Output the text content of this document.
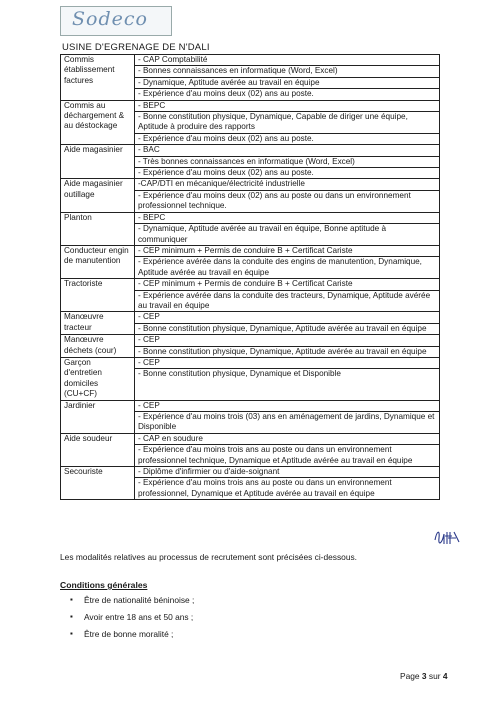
Sodeco
USINE D'EGRENAGE DE N'DALI
Commis établissement factures	- CAP Comptabilité
- Bonnes connaissances en informatique (Word, Excel)
- Dynamique, Aptitude avérée au travail en équipe
- Expérience d'au moins deux (02) ans au poste.

Commis au déchargement & au déstockage	- BEPC
- Bonne constitution physique, Dynamique, Capable de diriger une équipe, Aptitude à produire des rapports
- Expérience d'au moins deux (02) ans au poste.

Aide magasinier	- BAC
- Très bonnes connaissances en informatique (Word, Excel)
- Expérience d'au moins deux (02) ans au poste.

Aide magasinier outillage	-CAP/DTI en mécanique/électricité industrielle
- Expérience d'au moins deux (02) ans au poste ou dans un environnement professionnel technique.

Planton	- BEPC
- Dynamique, Aptitude avérée au travail en équipe, Bonne aptitude à communiquer

Conducteur engin de manutention	- CEP minimum + Permis de conduire B + Certificat Cariste
- Expérience avérée dans la conduite des engins de manutention, Dynamique, Aptitude avérée au travail en équipe

Tractoriste	- CEP minimum + Permis de conduire B + Certificat Cariste
- Expérience avérée dans la conduite des tracteurs, Dynamique, Aptitude avérée au travail en équipe

Manœuvre tracteur	- CEP
- Bonne constitution physique, Dynamique, Aptitude avérée au travail en équipe

Manœuvre déchets (cour)	- CEP
- Bonne constitution physique, Dynamique, Aptitude avérée au travail en équipe

Garçon d'entretien domiciles (CU+CF)	- CEP
- Bonne constitution physique, Dynamique et Disponible

Jardinier	- CEP
- Expérience d'au moins trois (03) ans en aménagement de jardins, Dynamique et Disponible

Aide soudeur	- CAP en soudure
- Expérience d'au moins trois ans au poste ou dans un environnement professionnel technique, Dynamique et Aptitude avérée au travail en équipe

Secouriste	- Diplôme d'infirmier ou d'aide-soignant
- Expérience d'au moins trois ans au poste ou dans un environnement professionnel, Dynamique et Aptitude avérée au travail en équipe
Les modalités relatives au processus de recrutement sont précisées ci-dessous.
Conditions générales
▪ Être de nationalité béninoise ;
▪ Avoir entre 18 ans et 50 ans ;
▪ Être de bonne moralité ;
Page 3 sur 4
